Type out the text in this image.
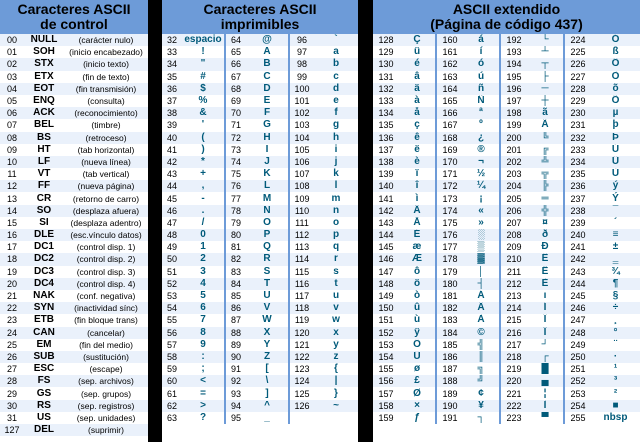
Caracteres ASCII
de control
00	NULL	(carácter nulo)
01	SOH	(inicio encabezado)
02	STX	(inicio texto)
03	ETX	(fin de texto)
04	EOT	(fin transmisión)
05	ENQ	(consulta)
06	ACK	(reconocimiento)
07	BEL	(timbre)
08	BS	(retroceso)
09	HT	(tab horizontal)
10	LF	(nueva línea)
11	VT	(tab vertical)
12	FF	(nueva página)
13	CR	(retorno de carro)
14	SO	(desplaza afuera)
15	SI	(desplaza adentro)
16	DLE	(esc.vínculo datos)
17	DC1	(control disp. 1)
18	DC2	(control disp. 2)
19	DC3	(control disp. 3)
20	DC4	(control disp. 4)
21	NAK	(conf. negativa)
22	SYN	(inactividad sínc)
23	ETB	(fin bloque trans)
24	CAN	(cancelar)
25	EM	(fin del medio)
26	SUB	(sustitución)
27	ESC	(escape)
28	FS	(sep. archivos)
29	GS	(sep. grupos)
30	RS	(sep. registros)
31	US	(sep. unidades)
127	DEL	(suprimir)
Caracteres ASCII
imprimibles
32	espacio		64	@		96	`
33	!		65	A		97	a
34	"		66	B		98	b
35	#		67	C		99	c
36	$		68	D		100	d
37	%		69	E		101	e
38	&		70	F		102	f
39	'		71	G		103	g
40	(		72	H		104	h
41	)		73	I		105	i
42	*		74	J		106	j
43	+		75	K		107	k
44	,		76	L		108	l
45	-		77	M		109	m
46	.		78	N		110	n
47	/		79	O		111	o
48	0		80	P		112	p
49	1		81	Q		113	q
50	2		82	R		114	r
51	3		83	S		115	s
52	4		84	T		116	t
53	5		85	U		117	u
54	6		86	V		118	v
55	7		87	W		119	w
56	8		88	X		120	x
57	9		89	Y		121	y
58	:		90	Z		122	z
59	;		91	[		123	{
60	<		92	\		124	|
61	=		93	]		125	}
62	>		94	^		126	~
63	?		95	_			
ASCII extendido
(Página de código 437)
128	Ç		160	á		192	└		224	Ó
129	ü		161	í		193	┴		225	ß
130	é		162	ó		194	┬		226	Ô
131	â		163	ú		195	├		227	Ò
132	ä		164	ñ		196	─		228	õ
133	à		165	Ñ		197	┼		229	Õ
134	å		166	ª		198	ã		230	µ
135	ç		167	º		199	Ã		231	þ
136	ê		168	¿		200	╚		232	Þ
137	ë		169	®		201	╔		233	Ú
138	è		170	¬		202	╩		234	Û
139	ï		171	½		203	╦		235	Ù
140	î		172	¼		204	╠		236	ý
141	ì		173	¡		205	═		237	Ý
142	Ä		174	«		206	╬		238	¯
143	Å		175	»		207	¤		239	´
144	É		176	░		208	ð		240	≡
145	æ		177	▒		209	Ð		241	±
146	Æ		178	▓		210	Ê		242	‗
147	ô		179	│		211	Ë		243	¾
148	ö		180	┤		212	È		244	¶
149	ò		181	Á		213	ı		245	§
150	û		182	Â		214	Í		246	÷
151	ù		183	À		215	Î		247	¸
152	ÿ		184	©		216	Ï		248	°
153	Ö		185	╣		217	┘		249	¨
154	Ü		186	║		218	┌		250	·
155	ø		187	╗		219	█		251	¹
156	£		188	╝		220	▄		252	³
157	Ø		189	¢		221	¦		253	²
158	×		190	¥		222	Ì		254	■
159	ƒ		191	┐		223	▀		255	nbsp
